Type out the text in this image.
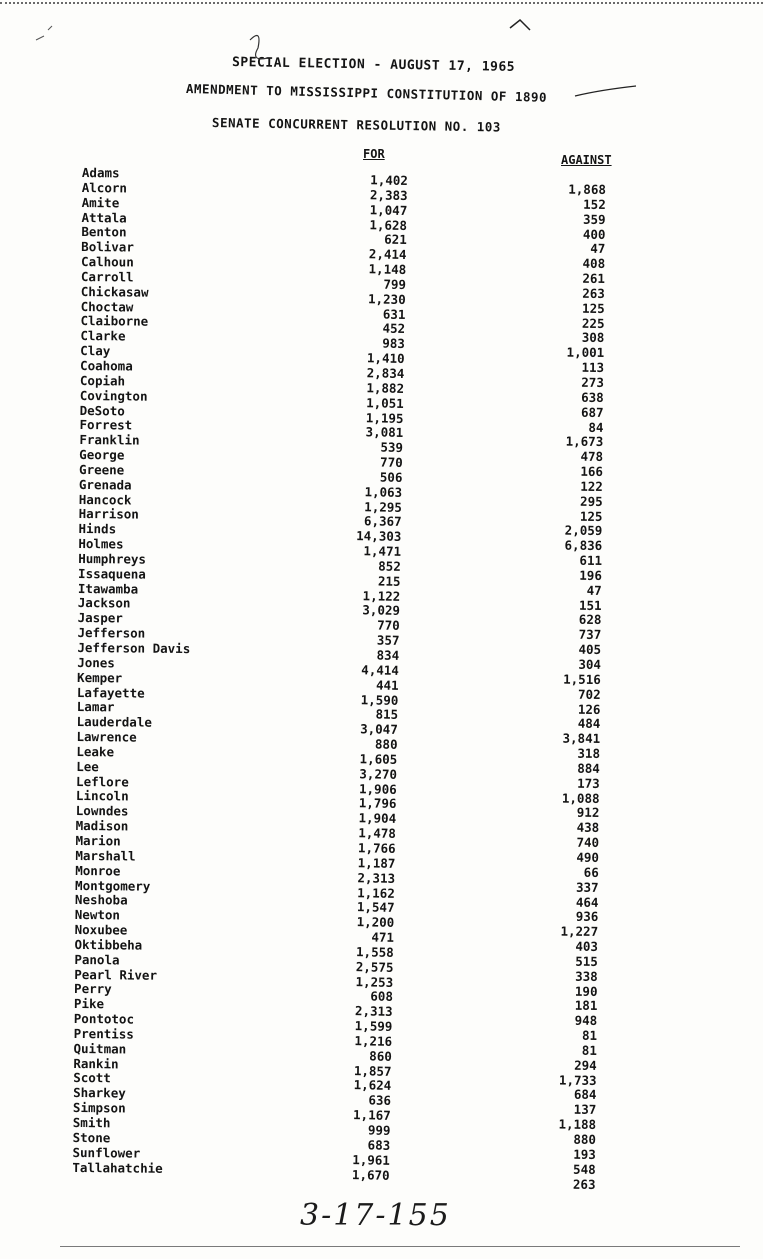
SPECIAL ELECTION - AUGUST 17, 1965
AMENDMENT TO MISSISSIPPI CONSTITUTION OF 1890
SENATE CONCURRENT RESOLUTION NO. 103
FOR	AGAINST
Adams
Alcorn
Amite
Attala
Benton
Bolivar
Calhoun
Carroll
Chickasaw
Choctaw
Claiborne
Clarke
Clay
Coahoma
Copiah
Covington
DeSoto
Forrest
Franklin
George
Greene
Grenada
Hancock
Harrison
Hinds
Holmes
Humphreys
Issaquena
Itawamba
Jackson
Jasper
Jefferson
Jefferson Davis
Jones
Kemper
Lafayette
Lamar
Lauderdale
Lawrence
Leake
Lee
Leflore
Lincoln
Lowndes
Madison
Marion
Marshall
Monroe
Montgomery
Neshoba
Newton
Noxubee
Oktibbeha
Panola
Pearl River
Perry
Pike
Pontotoc
Prentiss
Quitman
Rankin
Scott
Sharkey
Simpson
Smith
Stone
Sunflower
Tallahatchie
1,402
2,383
1,047
1,628
621
2,414
1,148
799
1,230
631
452
983
1,410
2,834
1,882
1,051
1,195
3,081
539
770
506
1,063
1,295
6,367
14,303
1,471
852
215
1,122
3,029
770
357
834
4,414
441
1,590
815
3,047
880
1,605
3,270
1,906
1,796
1,904
1,478
1,766
1,187
2,313
1,162
1,547
1,200
471
1,558
2,575
1,253
608
2,313
1,599
1,216
860
1,857
1,624
636
1,167
999
683
1,961
1,670
1,868
152
359
400
47
408
261
263
125
225
308
1,001
113
273
638
687
84
1,673
478
166
122
295
125
2,059
6,836
611
196
47
151
628
737
405
304
1,516
702
126
484
3,841
318
884
173
1,088
912
438
740
490
66
337
464
936
1,227
403
515
338
190
181
948
81
81
294
1,733
684
137
1,188
880
193
548
263
3-17-155
